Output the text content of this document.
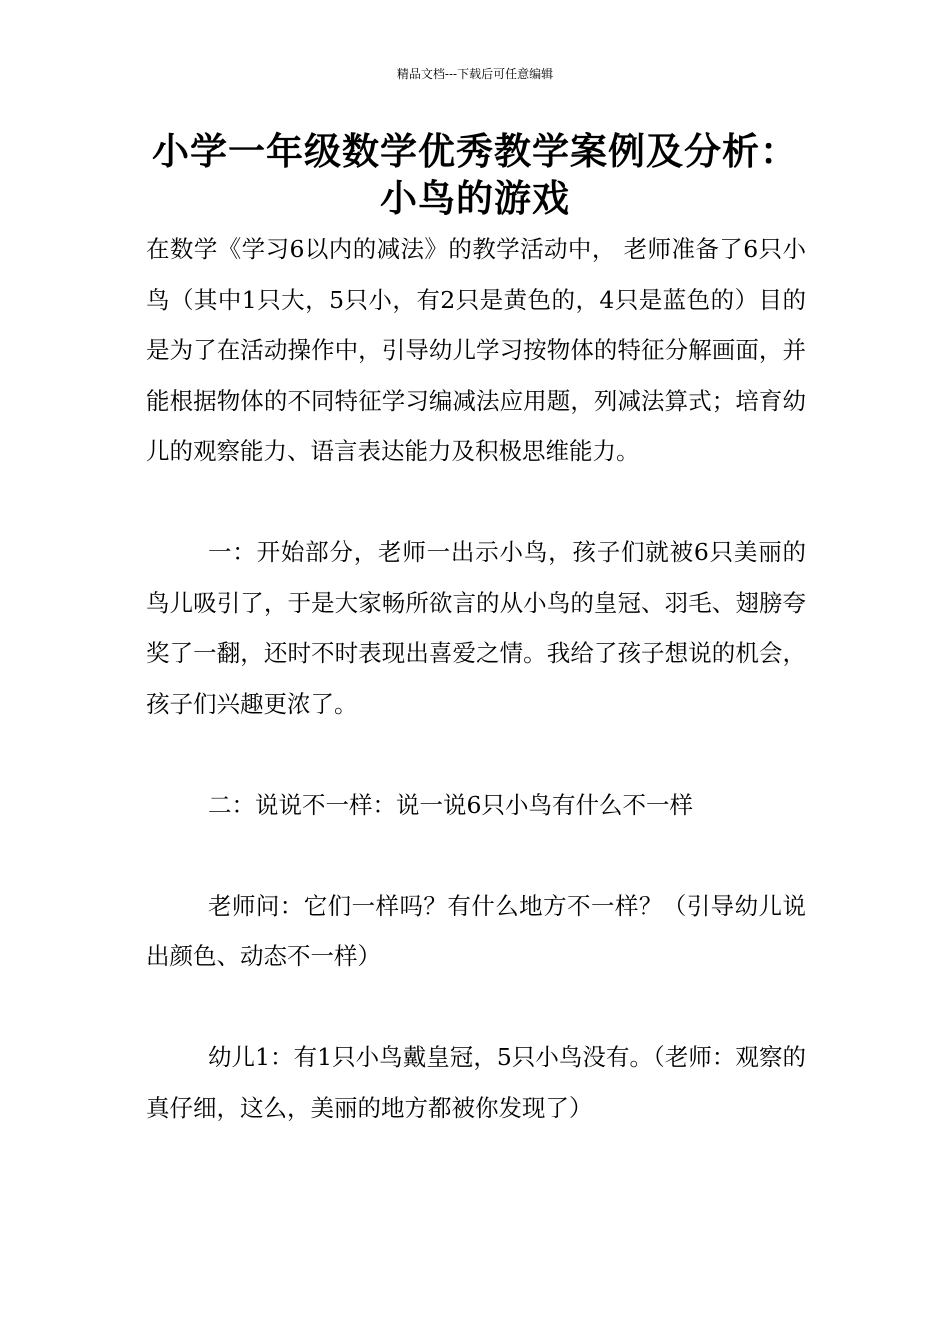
精品文档---下载后可任意编辑
小学一年级数学优秀教学案例及分析：
小鸟的游戏

在数学《学习6以内的减法》的教学活动中， 老师准备了6只小鸟（其中1只大，5只小，有2只是黄色的，4只是蓝色的）目的是为了在活动操作中，引导幼儿学习按物体的特征分解画面，并能根据物体的不同特征学习编减法应用题，列减法算式；培育幼儿的观察能力、语言表达能力及积极思维能力。

一：开始部分，老师一出示小鸟，孩子们就被6只美丽的鸟儿吸引了，于是大家畅所欲言的从小鸟的皇冠、羽毛、翅膀夸奖了一翻，还时不时表现出喜爱之情。我给了孩子想说的机会，孩子们兴趣更浓了。

二：说说不一样：说一说6只小鸟有什么不一样

老师问：它们一样吗？有什么地方不一样？（引导幼儿说出颜色、动态不一样）

幼儿1：有1只小鸟戴皇冠，5只小鸟没有。（老师：观察的真仔细，这么，美丽的地方都被你发现了）
